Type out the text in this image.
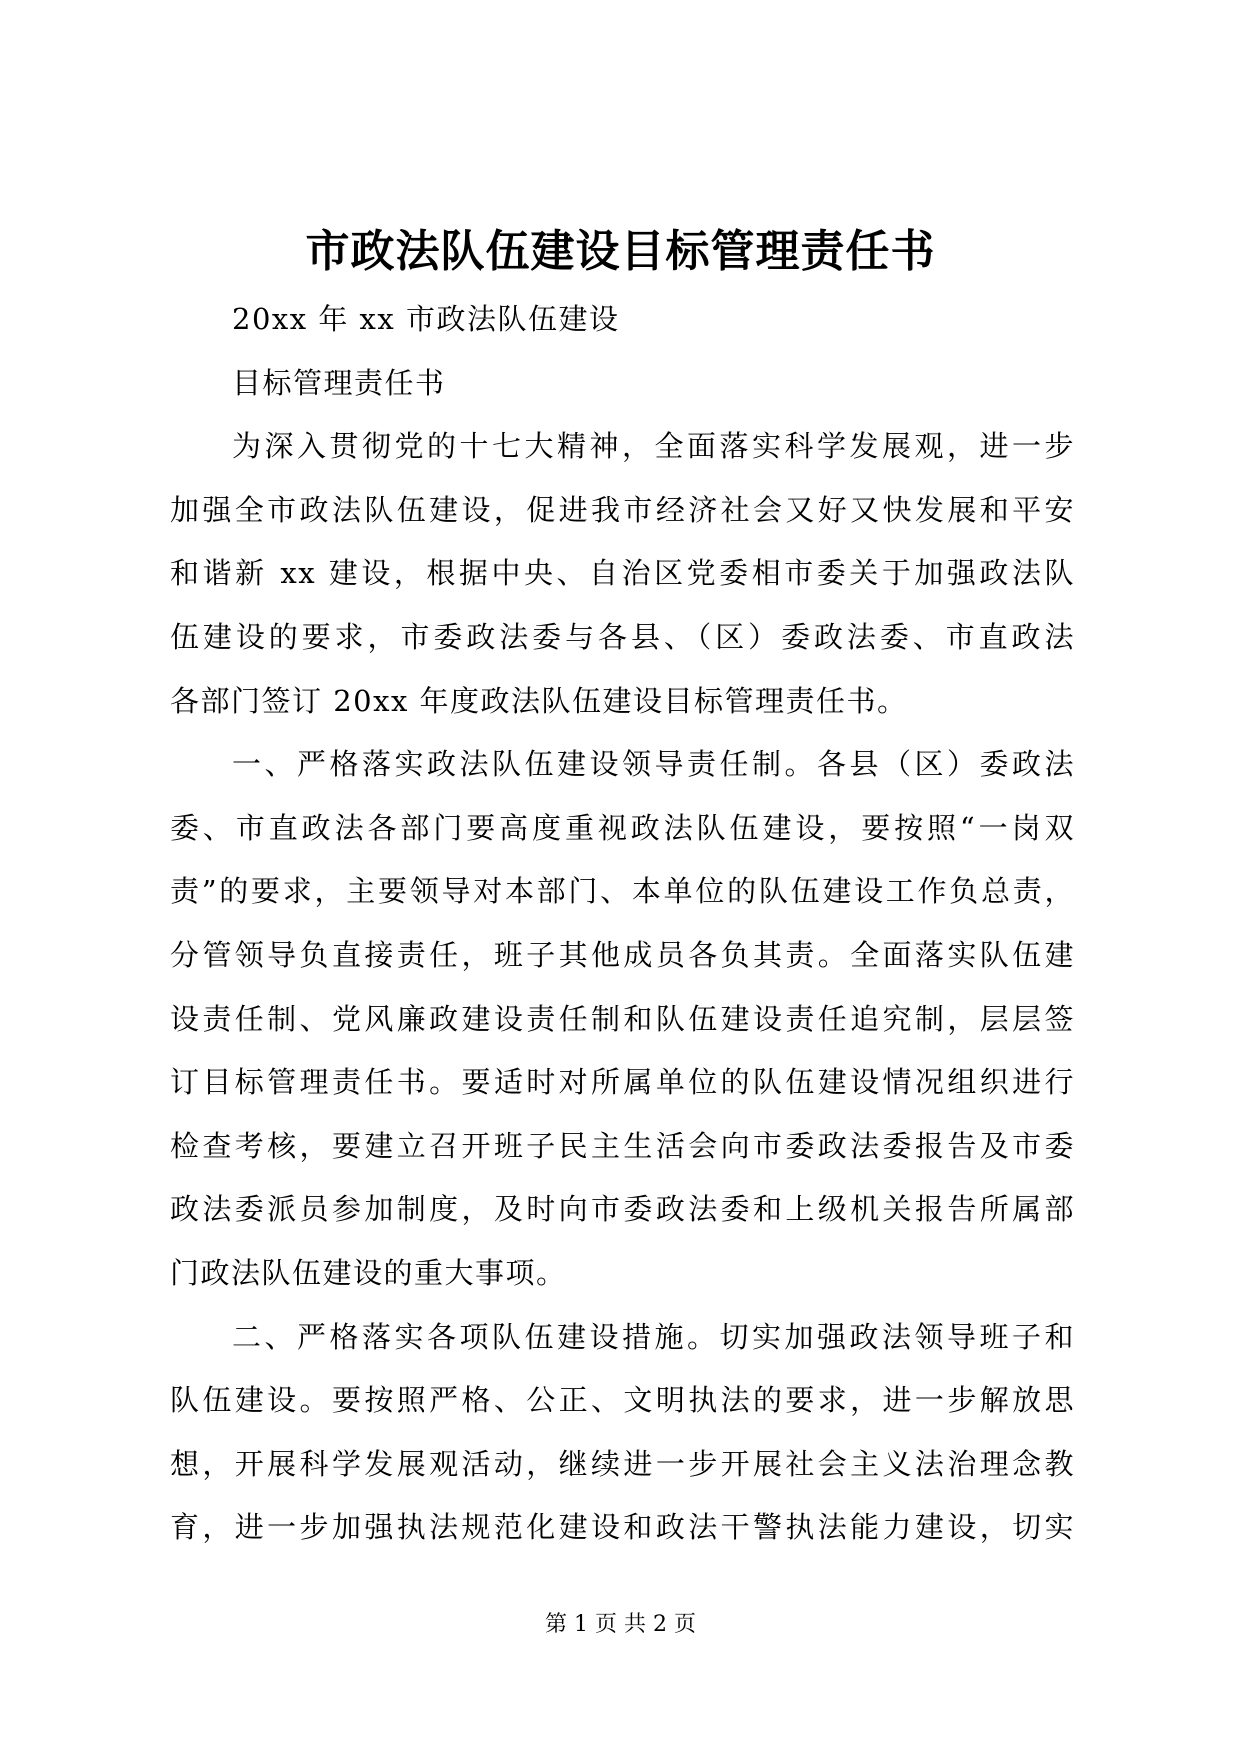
市政法队伍建设目标管理责任书
20xx 年 xx 市政法队伍建设
目标管理责任书
为深入贯彻党的十七大精神，全面落实科学发展观，进一步
加强全市政法队伍建设，促进我市经济社会又好又快发展和平安
和谐新 xx 建设，根据中央、自治区党委相市委关于加强政法队
伍建设的要求，市委政法委与各县、（区）委政法委、市直政法
各部门签订 20xx 年度政法队伍建设目标管理责任书。
一、严格落实政法队伍建设领导责任制。各县（区）委政法
委、市直政法各部门要高度重视政法队伍建设，要按照“一岗双
责”的要求，主要领导对本部门、本单位的队伍建设工作负总责，
分管领导负直接责任，班子其他成员各负其责。全面落实队伍建
设责任制、党风廉政建设责任制和队伍建设责任追究制，层层签
订目标管理责任书。要适时对所属单位的队伍建设情况组织进行
检查考核，要建立召开班子民主生活会向市委政法委报告及市委
政法委派员参加制度，及时向市委政法委和上级机关报告所属部
门政法队伍建设的重大事项。
二、严格落实各项队伍建设措施。切实加强政法领导班子和
队伍建设。要按照严格、公正、文明执法的要求，进一步解放思
想，开展科学发展观活动，继续进一步开展社会主义法治理念教
育，进一步加强执法规范化建设和政法干警执法能力建设，切实
第 1 页 共 2 页
